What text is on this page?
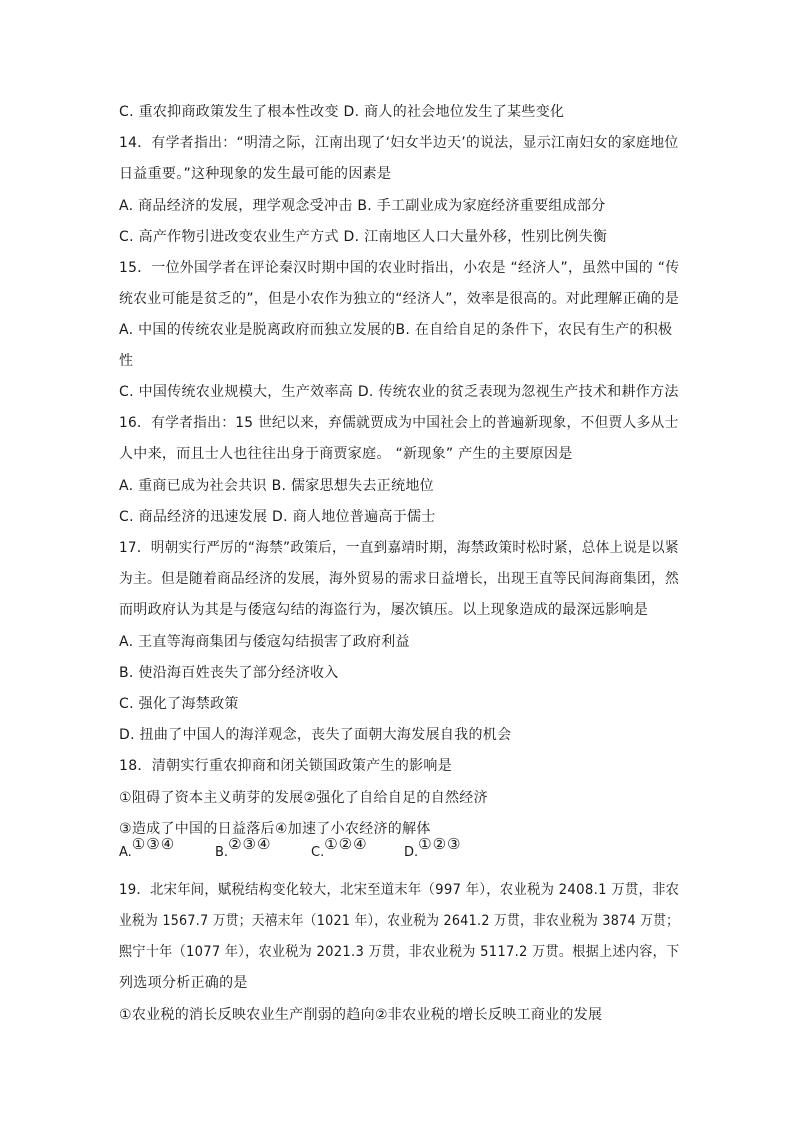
C. 重农抑商政策发生了根本性改变 D. 商人的社会地位发生了某些变化
14．有学者指出：“明清之际，江南出现了‘妇女半边天’的说法，显示江南妇女的家庭地位
日益重要。”这种现象的发生最可能的因素是
A. 商品经济的发展，理学观念受冲击 B. 手工副业成为家庭经济重要组成部分
C. 高产作物引进改变农业生产方式 D. 江南地区人口大量外移，性别比例失衡
15．一位外国学者在评论秦汉时期中国的农业时指出，小农是 “经济人”，虽然中国的 “传
统农业可能是贫乏的”，但是小农作为独立的“经济人”，效率是很高的。对此理解正确的是
A. 中国的传统农业是脱离政府而独立发展的B. 在自给自足的条件下，农民有生产的积极
性
C. 中国传统农业规模大，生产效率高 D. 传统农业的贫乏表现为忽视生产技术和耕作方法
16．有学者指出：15 世纪以来，弃儒就贾成为中国社会上的普遍新现象，不但贾人多从士
人中来，而且士人也往往出身于商贾家庭。 “新现象” 产生的主要原因是
A. 重商已成为社会共识 B. 儒家思想失去正统地位
C. 商品经济的迅速发展 D. 商人地位普遍高于儒士
17．明朝实行严厉的“海禁”政策后，一直到嘉靖时期，海禁政策时松时紧，总体上说是以紧
为主。但是随着商品经济的发展，海外贸易的需求日益增长，出现王直等民间海商集团，然
而明政府认为其是与倭寇勾结的海盗行为，屡次镇压。以上现象造成的最深远影响是
A. 王直等海商集团与倭寇勾结损害了政府利益
B. 使沿海百姓丧失了部分经济收入
C. 强化了海禁政策
D. 扭曲了中国人的海洋观念，丧失了面朝大海发展自我的机会
18．清朝实行重农抑商和闭关锁国政策产生的影响是
①阻碍了资本主义萌芽的发展②强化了自给自足的自然经济
③造成了中国的日益落后④加速了小农经济的解体
A.①③④	B.②③④	C.①②④	D.①②③
19．北宋年间，赋税结构变化较大，北宋至道末年（997 年），农业税为 2408.1 万贯，非农
业税为 1567.7 万贯；天禧末年（1021 年），农业税为 2641.2 万贯，非农业税为 3874 万贯；
熙宁十年（1077 年），农业税为 2021.3 万贯，非农业税为 5117.2 万贯。根据上述内容，下
列选项分析正确的是
①农业税的消长反映农业生产削弱的趋向②非农业税的增长反映工商业的发展
